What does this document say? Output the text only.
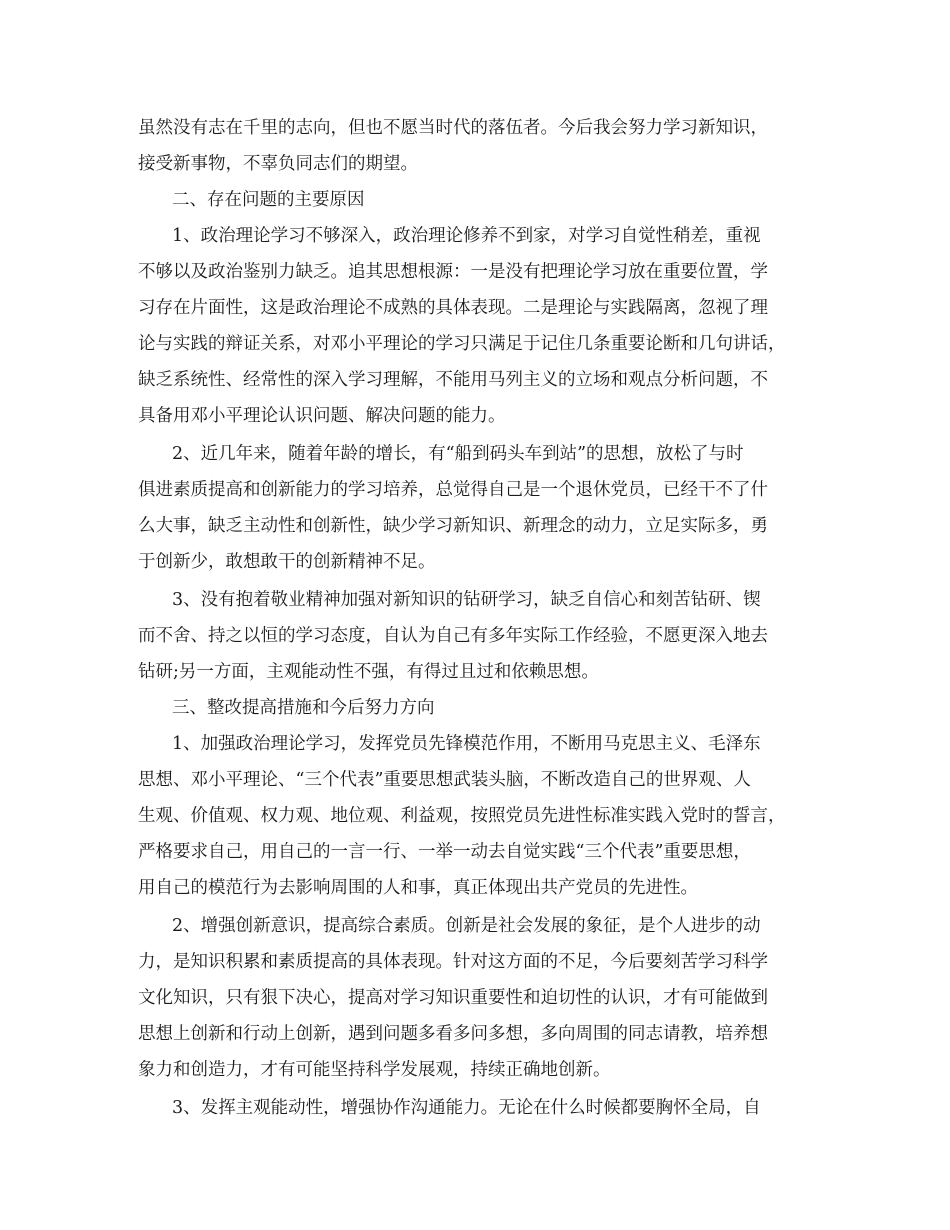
虽然没有志在千里的志向，但也不愿当时代的落伍者。今后我会努力学习新知识，
接受新事物，不辜负同志们的期望。
二、存在问题的主要原因
1、政治理论学习不够深入，政治理论修养不到家，对学习自觉性稍差，重视
不够以及政治鉴别力缺乏。追其思想根源：一是没有把理论学习放在重要位置，学
习存在片面性，这是政治理论不成熟的具体表现。二是理论与实践隔离，忽视了理
论与实践的辩证关系，对邓小平理论的学习只满足于记住几条重要论断和几句讲话，
缺乏系统性、经常性的深入学习理解，不能用马列主义的立场和观点分析问题，不
具备用邓小平理论认识问题、解决问题的能力。
2、近几年来，随着年龄的增长，有“船到码头车到站”的思想，放松了与时
俱进素质提高和创新能力的学习培养，总觉得自己是一个退休党员，已经干不了什
么大事，缺乏主动性和创新性，缺少学习新知识、新理念的动力，立足实际多，勇
于创新少，敢想敢干的创新精神不足。
3、没有抱着敬业精神加强对新知识的钻研学习，缺乏自信心和刻苦钻研、锲
而不舍、持之以恒的学习态度，自认为自己有多年实际工作经验，不愿更深入地去
钻研;另一方面，主观能动性不强，有得过且过和依赖思想。
三、整改提高措施和今后努力方向
1、加强政治理论学习，发挥党员先锋模范作用，不断用马克思主义、毛泽东
思想、邓小平理论、“三个代表”重要思想武装头脑，不断改造自己的世界观、人
生观、价值观、权力观、地位观、利益观，按照党员先进性标准实践入党时的誓言，
严格要求自己，用自己的一言一行、一举一动去自觉实践“三个代表”重要思想，
用自己的模范行为去影响周围的人和事，真正体现出共产党员的先进性。
2、增强创新意识，提高综合素质。创新是社会发展的象征，是个人进步的动
力，是知识积累和素质提高的具体表现。针对这方面的不足，今后要刻苦学习科学
文化知识，只有狠下决心，提高对学习知识重要性和迫切性的认识，才有可能做到
思想上创新和行动上创新，遇到问题多看多问多想，多向周围的同志请教，培养想
象力和创造力，才有可能坚持科学发展观，持续正确地创新。
3、发挥主观能动性，增强协作沟通能力。无论在什么时候都要胸怀全局，自
